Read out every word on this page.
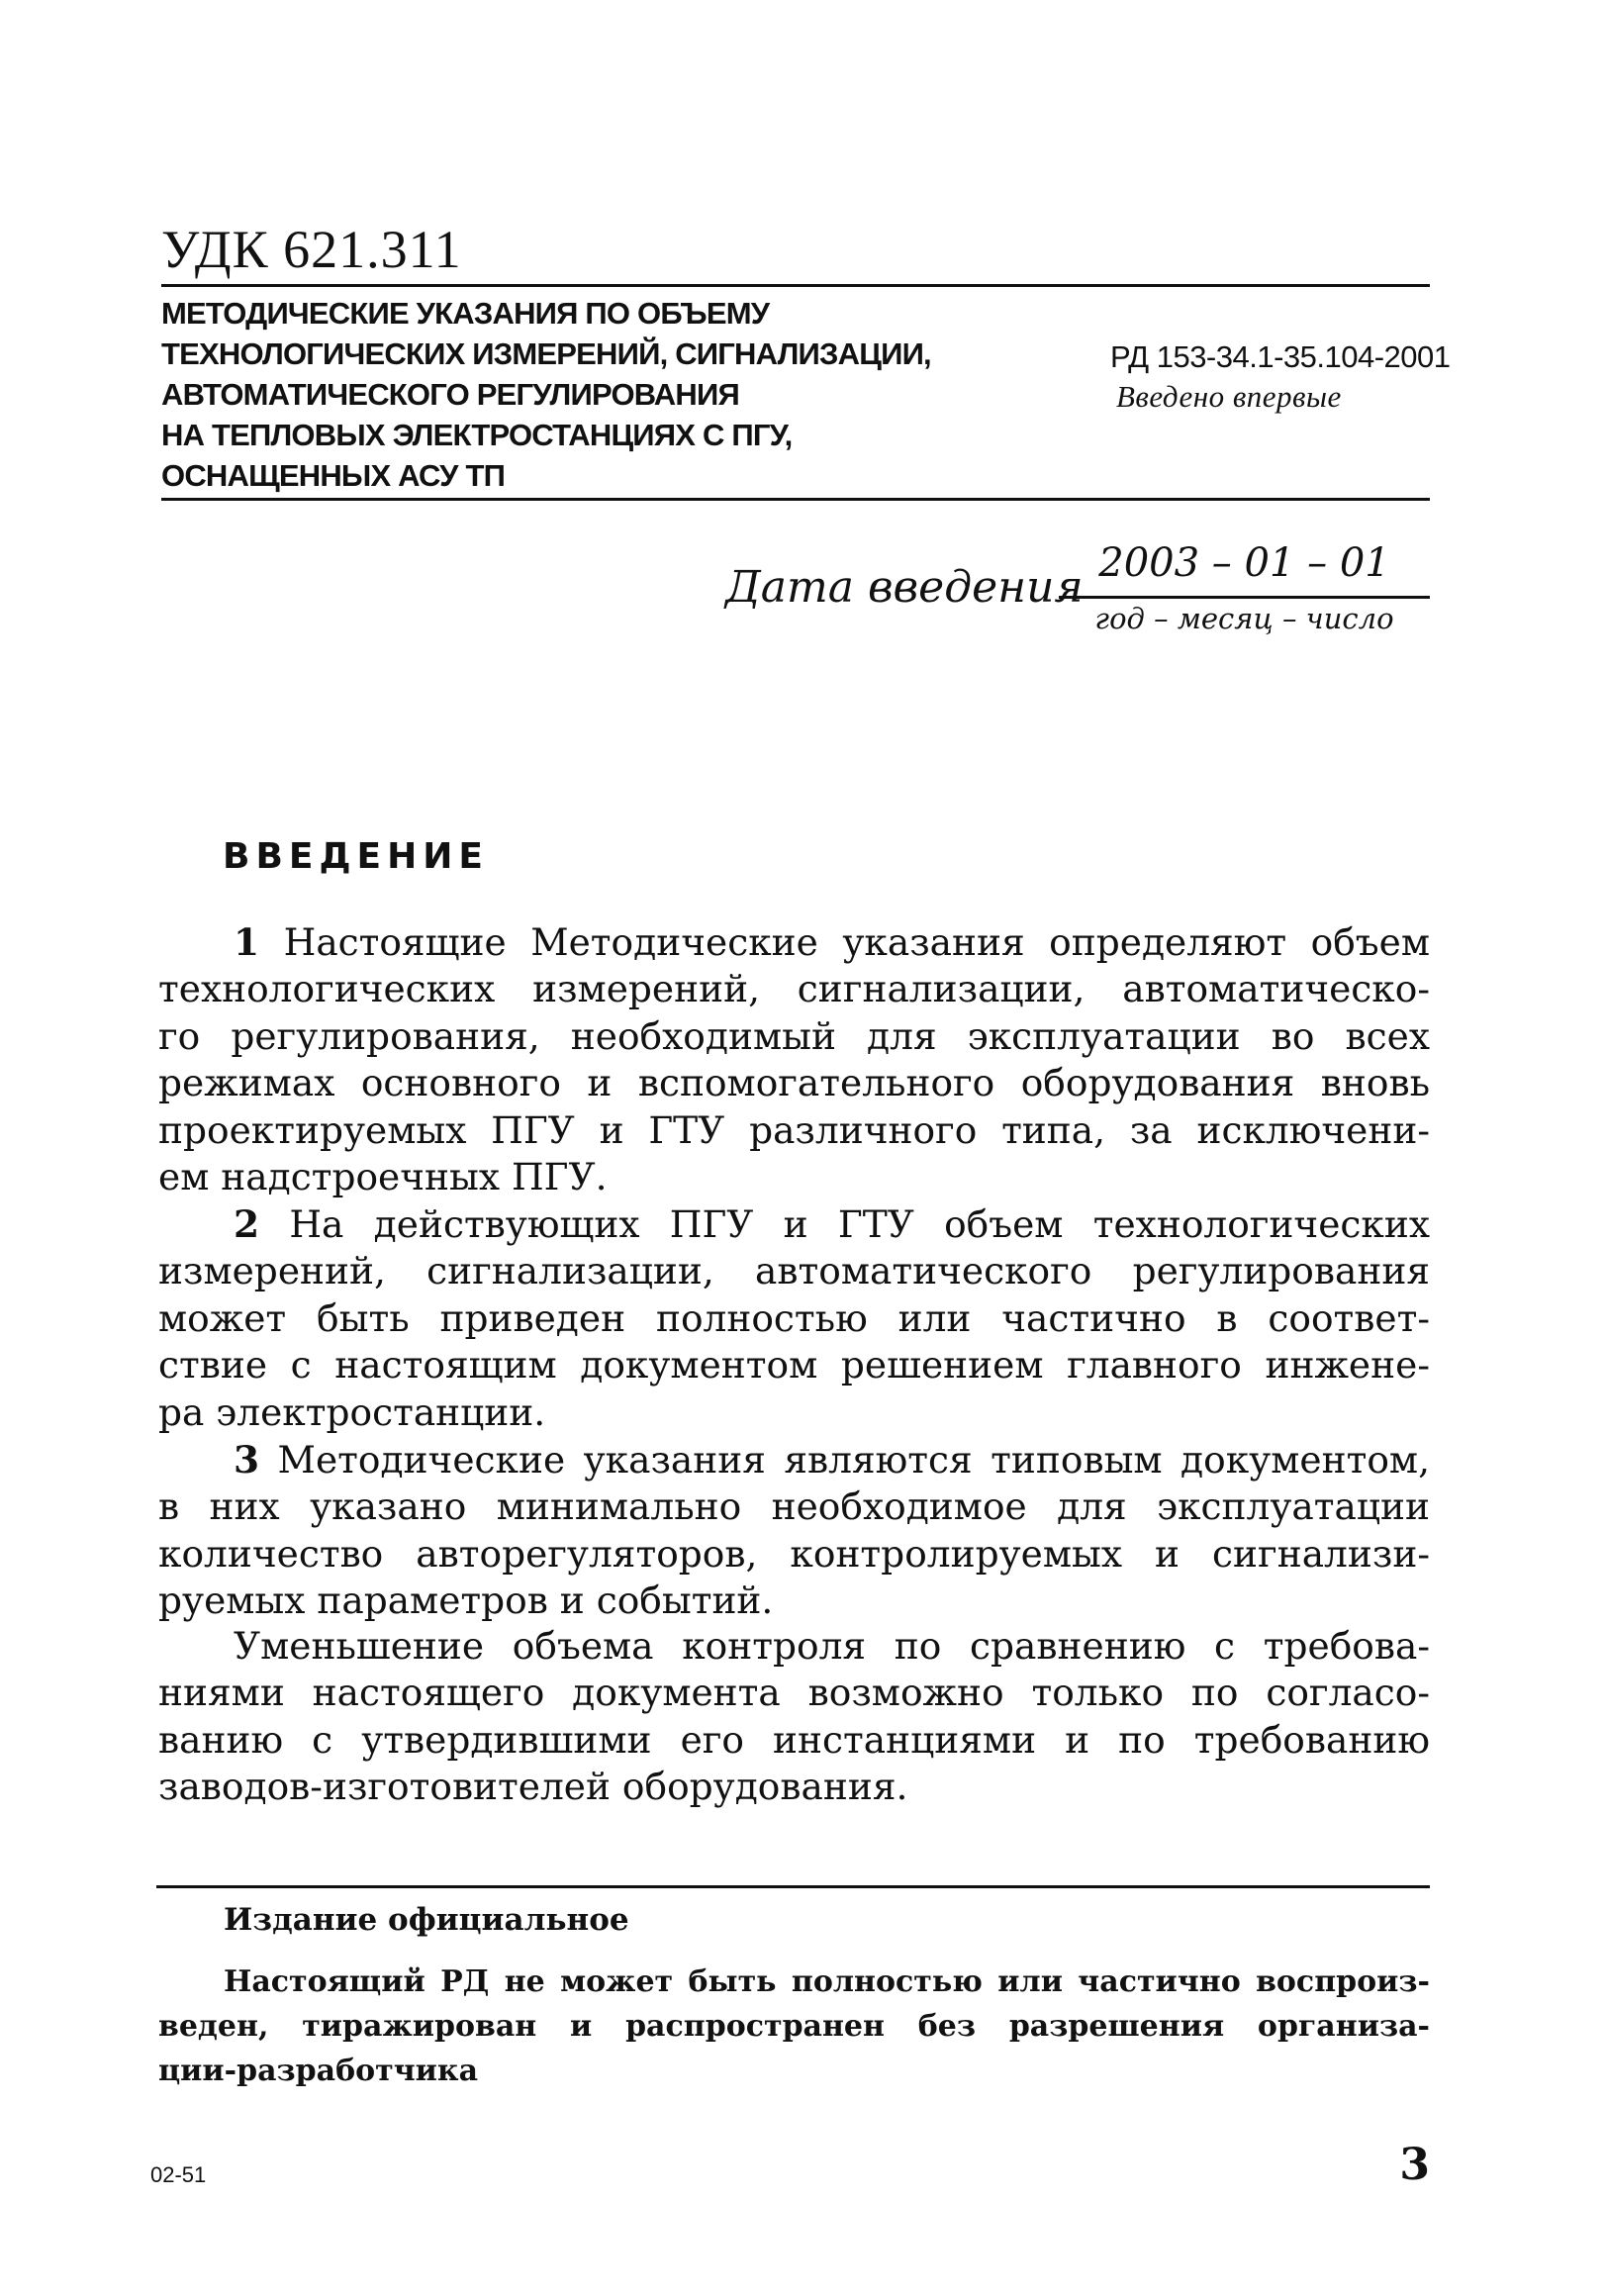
УДК 621.311
МЕТОДИЧЕСКИЕ УКАЗАНИЯ ПО ОБЪЕМУ
ТЕХНОЛОГИЧЕСКИХ ИЗМЕРЕНИЙ, СИГНАЛИЗАЦИИ,
АВТОМАТИЧЕСКОГО РЕГУЛИРОВАНИЯ
НА ТЕПЛОВЫХ ЭЛЕКТРОСТАНЦИЯХ С ПГУ,
ОСНАЩЕННЫХ АСУ ТП
РД 153-34.1-35.104-2001
Введено впервые
Дата введения 2003 – 01 – 01
год – месяц – число
ВВЕДЕНИЕ
1 Настоящие Методические указания определяют объем
технологических измерений, сигнализации, автоматическо-
го регулирования, необходимый для эксплуатации во всех
режимах основного и вспомогательного оборудования вновь
проектируемых ПГУ и ГТУ различного типа, за исключени-
ем надстроечных ПГУ.
2 На действующих ПГУ и ГТУ объем технологических
измерений, сигнализации, автоматического регулирования
может быть приведен полностью или частично в соответ-
ствие с настоящим документом решением главного инжене-
ра электростанции.
3 Методические указания являются типовым документом,
в них указано минимально необходимое для эксплуатации
количество авторегуляторов, контролируемых и сигнализи-
руемых параметров и событий.
Уменьшение объема контроля по сравнению с требова-
ниями настоящего документа возможно только по согласо-
ванию с утвердившими его инстанциями и по требованию
заводов-изготовителей оборудования.
Издание официальное
Настоящий РД не может быть полностью или частично воспроиз-
веден, тиражирован и распространен без разрешения организа-
ции-разработчика
02-51	3
